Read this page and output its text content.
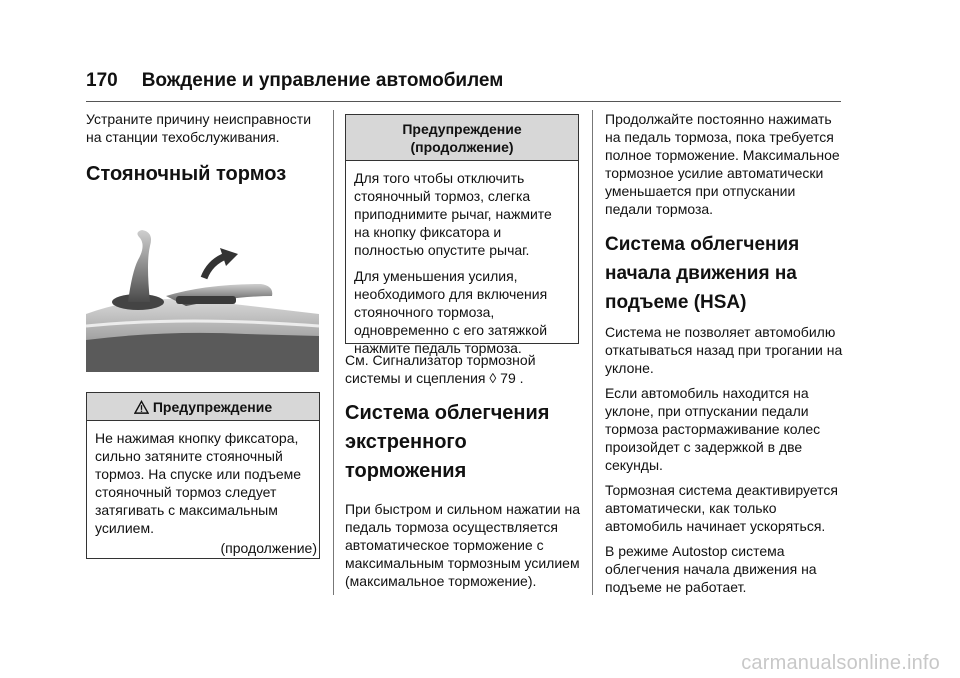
170 Вождение и управление автомобилем

Устраните причину неисправности на станции техобслуживания.

Стояночный тормоз
Предупреждение

Не нажимая кнопку фиксатора, сильно затяните стояночный тормоз. На спуске или подъеме стояночный тормоз следует затягивать с максимальным усилием.

(продолжение)
Предупреждение (продолжение)

Для того чтобы отключить стояночный тормоз, слегка приподнимите рычаг, нажмите на кнопку фиксатора и полностью опустите рычаг.

Для уменьшения усилия, необходимого для включения стояночного тормоза, одновременно с его затяжкой нажмите педаль тормоза.

См. Сигнализатор тормозной системы и сцепления ◊ 79 .

Система облегчения экстренного торможения

При быстром и сильном нажатии на педаль тормоза осуществляется автоматическое торможение с максимальным тормозным усилием (максимальное торможение).

Продолжайте постоянно нажимать на педаль тормоза, пока требуется полное торможение. Максимальное тормозное усилие автоматически уменьшается при отпускании педали тормоза.

Система облегчения начала движения на подъеме (HSA)

Система не позволяет автомобилю откатываться назад при трогании на уклоне.

Если автомобиль находится на уклоне, при отпускании педали тормоза растормаживание колес произойдет с задержкой в две секунды.

Тормозная система деактивируется автоматически, как только автомобиль начинает ускоряться.

В режиме Autostop система облегчения начала движения на подъеме не работает.

carmanualsonline.info
